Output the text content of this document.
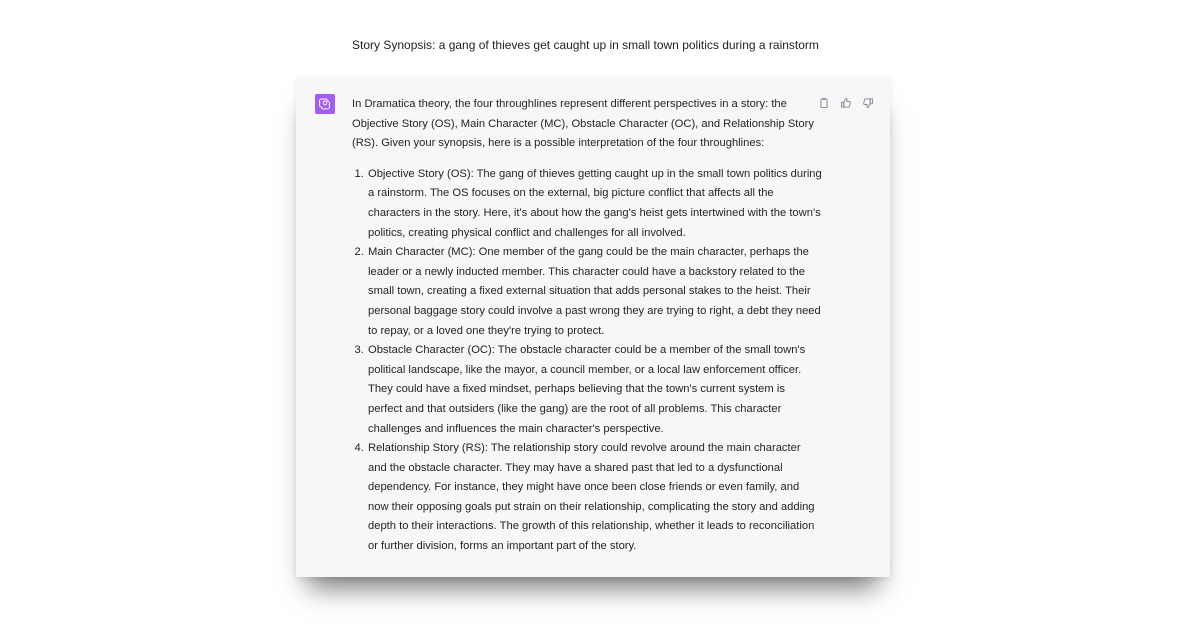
Story Synopsis: a gang of thieves get caught up in small town politics during a rainstorm

In Dramatica theory, the four throughlines represent different perspectives in a story: the Objective Story (OS), Main Character (MC), Obstacle Character (OC), and Relationship Story (RS). Given your synopsis, here is a possible interpretation of the four throughlines:

1. Objective Story (OS): The gang of thieves getting caught up in the small town politics during a rainstorm. The OS focuses on the external, big picture conflict that affects all the characters in the story. Here, it's about how the gang's heist gets intertwined with the town's politics, creating physical conflict and challenges for all involved.
2. Main Character (MC): One member of the gang could be the main character, perhaps the leader or a newly inducted member. This character could have a backstory related to the small town, creating a fixed external situation that adds personal stakes to the heist. Their personal baggage story could involve a past wrong they are trying to right, a debt they need to repay, or a loved one they're trying to protect.
3. Obstacle Character (OC): The obstacle character could be a member of the small town's political landscape, like the mayor, a council member, or a local law enforcement officer. They could have a fixed mindset, perhaps believing that the town's current system is perfect and that outsiders (like the gang) are the root of all problems. This character challenges and influences the main character's perspective.
4. Relationship Story (RS): The relationship story could revolve around the main character and the obstacle character. They may have a shared past that led to a dysfunctional dependency. For instance, they might have once been close friends or even family, and now their opposing goals put strain on their relationship, complicating the story and adding depth to their interactions. The growth of this relationship, whether it leads to reconciliation or further division, forms an important part of the story.
